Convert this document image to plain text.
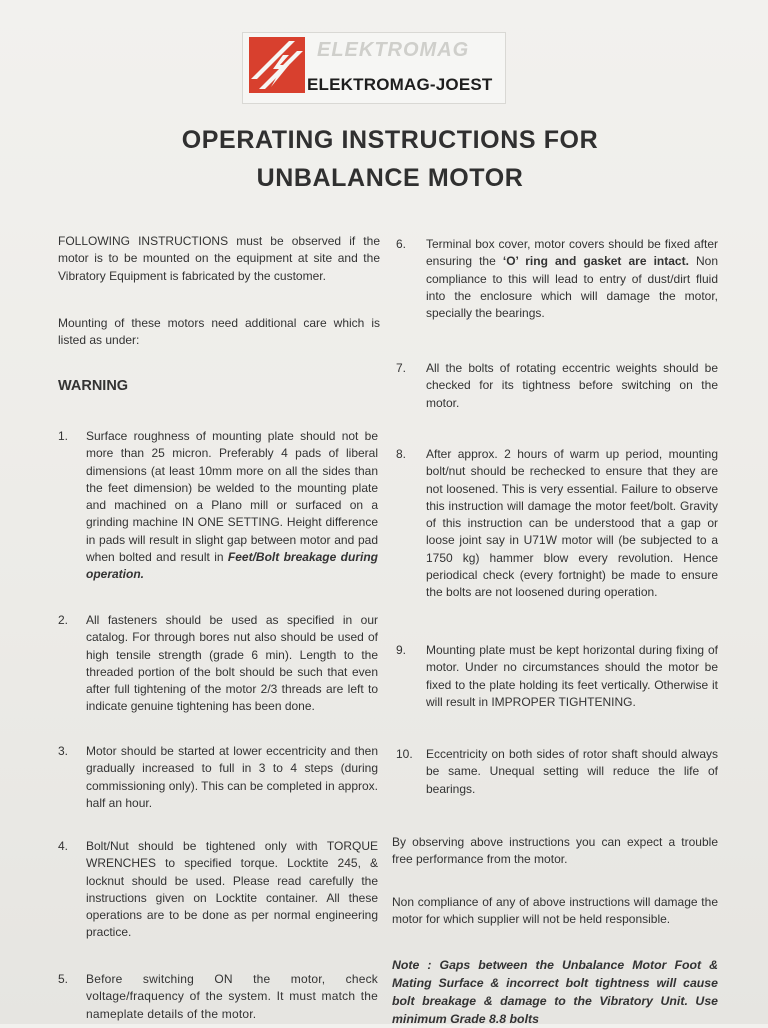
ELEKTROMAG
ELEKTROMAG-JOEST
OPERATING INSTRUCTIONS FOR
UNBALANCE MOTOR
FOLLOWING INSTRUCTIONS must be observed if the motor is to be mounted on the equipment at site and the Vibratory Equipment is fabricated by the customer.
Mounting of these motors need additional care which is listed as under:
WARNING
1. Surface roughness of mounting plate should not be more than 25 micron. Preferably 4 pads of liberal dimensions (at least 10mm more on all the sides than the feet dimension) be welded to the mounting plate and machined on a Plano mill or surfaced on a grinding machine IN ONE SETTING. Height difference in pads will result in slight gap between motor and pad when bolted and result in Feet/Bolt breakage during operation.
2. All fasteners should be used as specified in our catalog. For through bores nut also should be used of high tensile strength (grade 6 min). Length to the threaded portion of the bolt should be such that even after full tightening of the motor 2/3 threads are left to indicate genuine tightening has been done.
3. Motor should be started at lower eccentricity and then gradually increased to full in 3 to 4 steps (during commissioning only). This can be completed in approx. half an hour.
4. Bolt/Nut should be tightened only with TORQUE WRENCHES to specified torque. Locktite 245, & locknut should be used. Please read carefully the instructions given on Locktite container. All these operations are to be done as per normal engineering practice.
5. Before switching ON the motor, check voltage/fraquency of the system. It must match the nameplate details of the motor.
6. Terminal box cover, motor covers should be fixed after ensuring the ‘O’ ring and gasket are intact. Non compliance to this will lead to entry of dust/dirt fluid into the enclosure which will damage the motor, specially the bearings.
7. All the bolts of rotating eccentric weights should be checked for its tightness before switching on the motor.
8. After approx. 2 hours of warm up period, mounting bolt/nut should be rechecked to ensure that they are not loosened. This is very essential. Failure to observe this instruction will damage the motor feet/bolt. Gravity of this instruction can be understood that a gap or loose joint say in U71W motor will (be subjected to a 1750 kg) hammer blow every revolution. Hence periodical check (every fortnight) be made to ensure the bolts are not loosened during operation.
9. Mounting plate must be kept horizontal during fixing of motor. Under no circumstances should the motor be fixed to the plate holding its feet vertically. Otherwise it will result in IMPROPER TIGHTENING.
10. Eccentricity on both sides of rotor shaft should always be same. Unequal setting will reduce the life of bearings.
By observing above instructions you can expect a trouble free performance from the motor.
Non compliance of any of above instructions will damage the motor for which supplier will not be held responsible.
Note : Gaps between the Unbalance Motor Foot & Mating Surface & incorrect bolt tightness will cause bolt breakage & damage to the Vibratory Unit. Use minimum Grade 8.8 bolts
